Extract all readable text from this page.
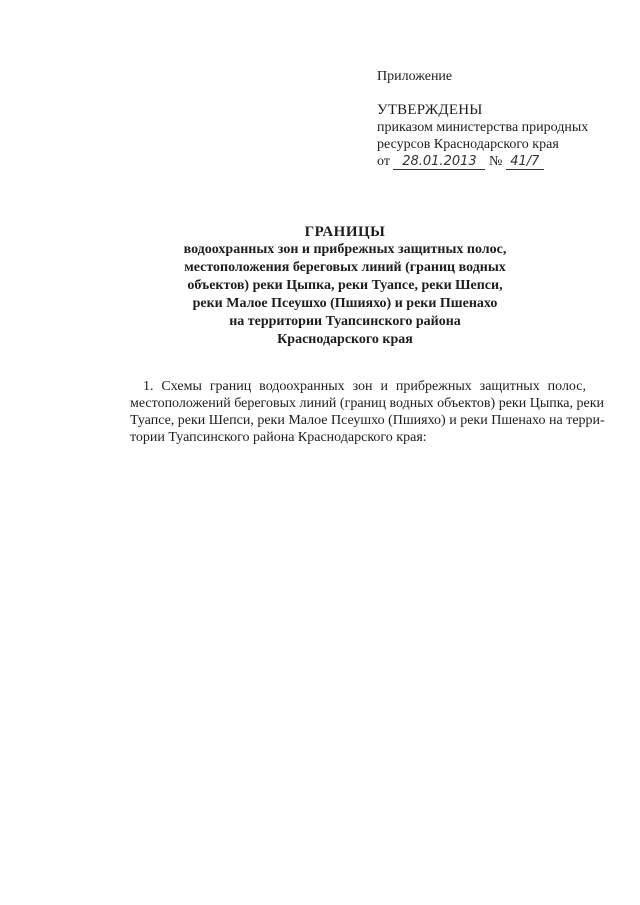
Приложение
УТВЕРЖДЕНЫ
приказом министерства природных
ресурсов Краснодарского края
от 28.01.2013 № 41/7
ГРАНИЦЫ
водоохранных зон и прибрежных защитных полос,
местоположения береговых линий (границ водных
объектов) реки Цыпка, реки Туапсе, реки Шепси,
реки Малое Псеушхо (Пшияхо) и реки Пшенахо
на территории Туапсинского района
Краснодарского края
1. Схемы границ водоохранных зон и прибрежных защитных полос,
местоположений береговых линий (границ водных объектов) реки Цыпка, реки
Туапсе, реки Шепси, реки Малое Псеушхо (Пшияхо) и реки Пшенахо на терри-
тории Туапсинского района Краснодарского края:
